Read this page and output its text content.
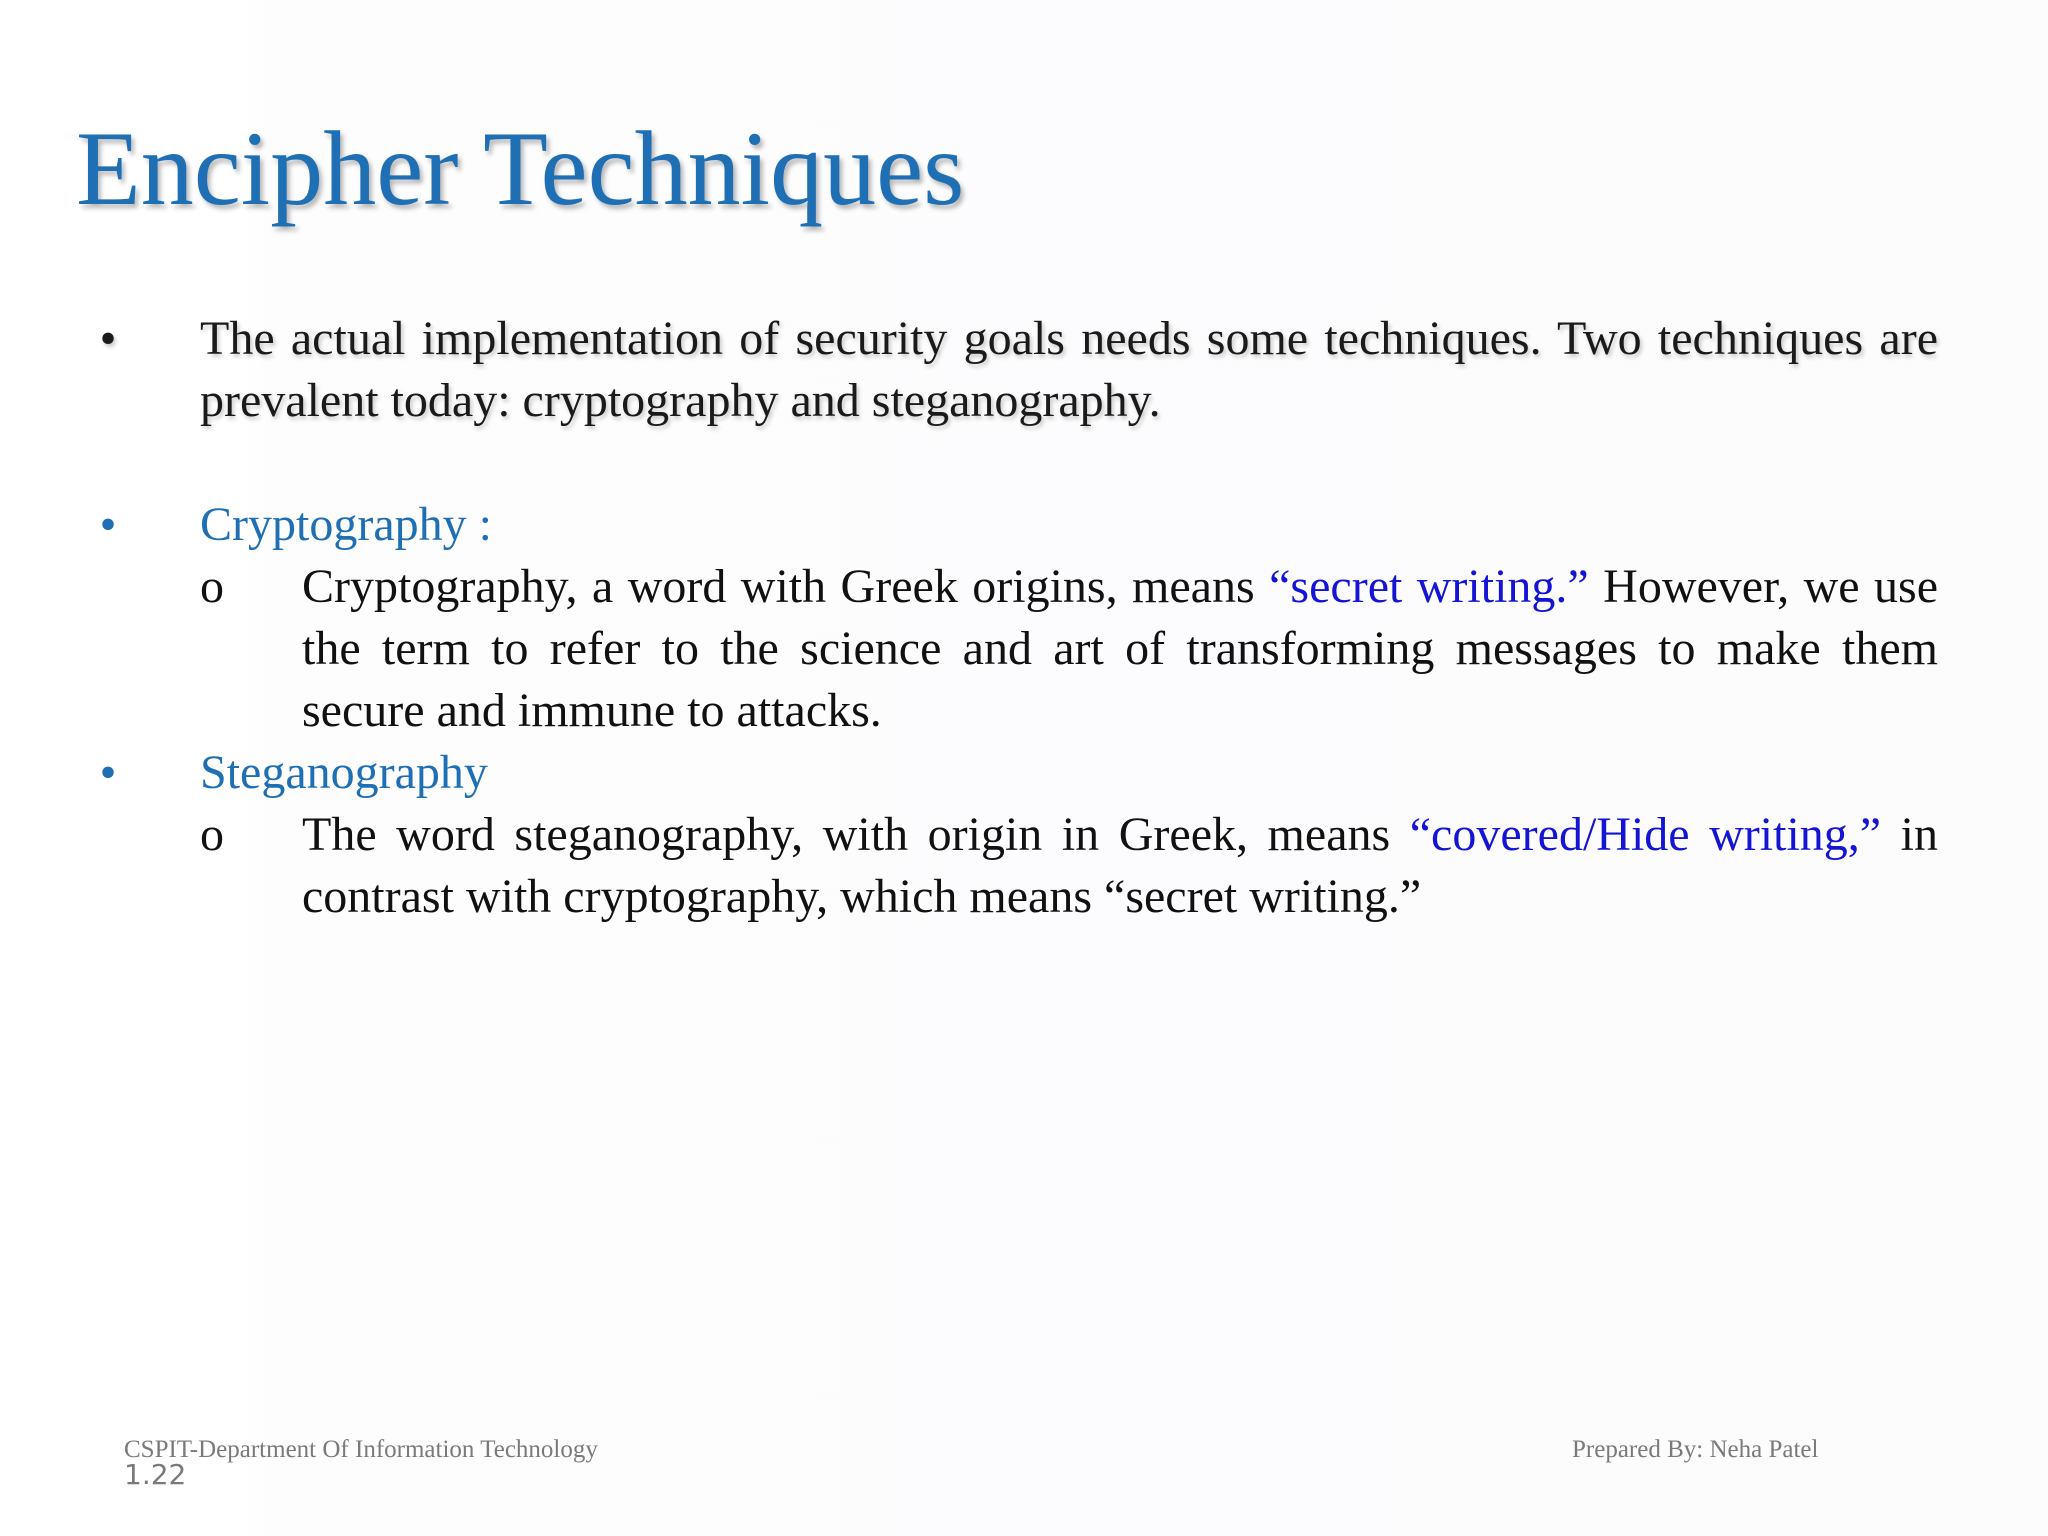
Encipher Techniques
• The actual implementation of security goals needs some techniques. Two techniques are prevalent today: cryptography and steganography.
• Cryptography :
o	Cryptography, a word with Greek origins, means “secret writing.” However, we use the term to refer to the science and art of transforming messages to make them secure and immune to attacks.
• Steganography
o	The word steganography, with origin in Greek, means “covered/Hide writing,” in contrast with cryptography, which means “secret writing.”
CSPIT-Department Of Information Technology	Prepared By: Neha Patel
1.22
